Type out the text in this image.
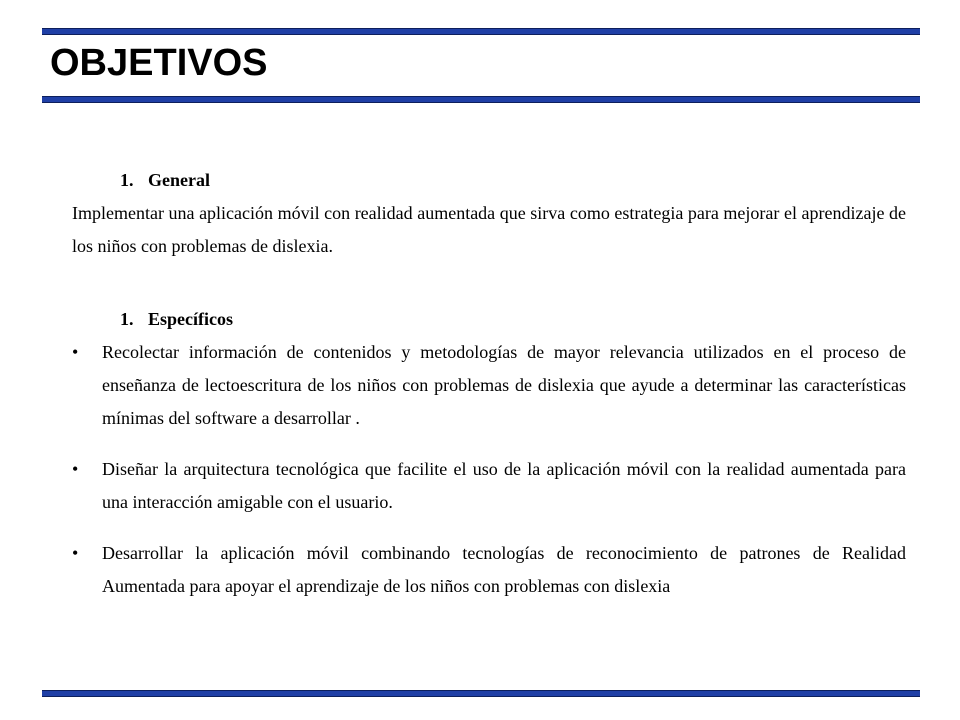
OBJETIVOS

1. General

Implementar una aplicación móvil con realidad aumentada que sirva como estrategia para mejorar el aprendizaje de los niños con problemas de dislexia.

1. Específicos

• Recolectar información de contenidos y metodologías de mayor relevancia utilizados en el proceso de enseñanza de lectoescritura de los niños con problemas de dislexia que ayude a determinar las características mínimas del software a desarrollar .
• Diseñar la arquitectura tecnológica que facilite el uso de la aplicación móvil con la realidad aumentada para una interacción amigable con el usuario.
• Desarrollar la aplicación móvil combinando tecnologías de reconocimiento de patrones de Realidad Aumentada para apoyar el aprendizaje de los niños con problemas con dislexia
